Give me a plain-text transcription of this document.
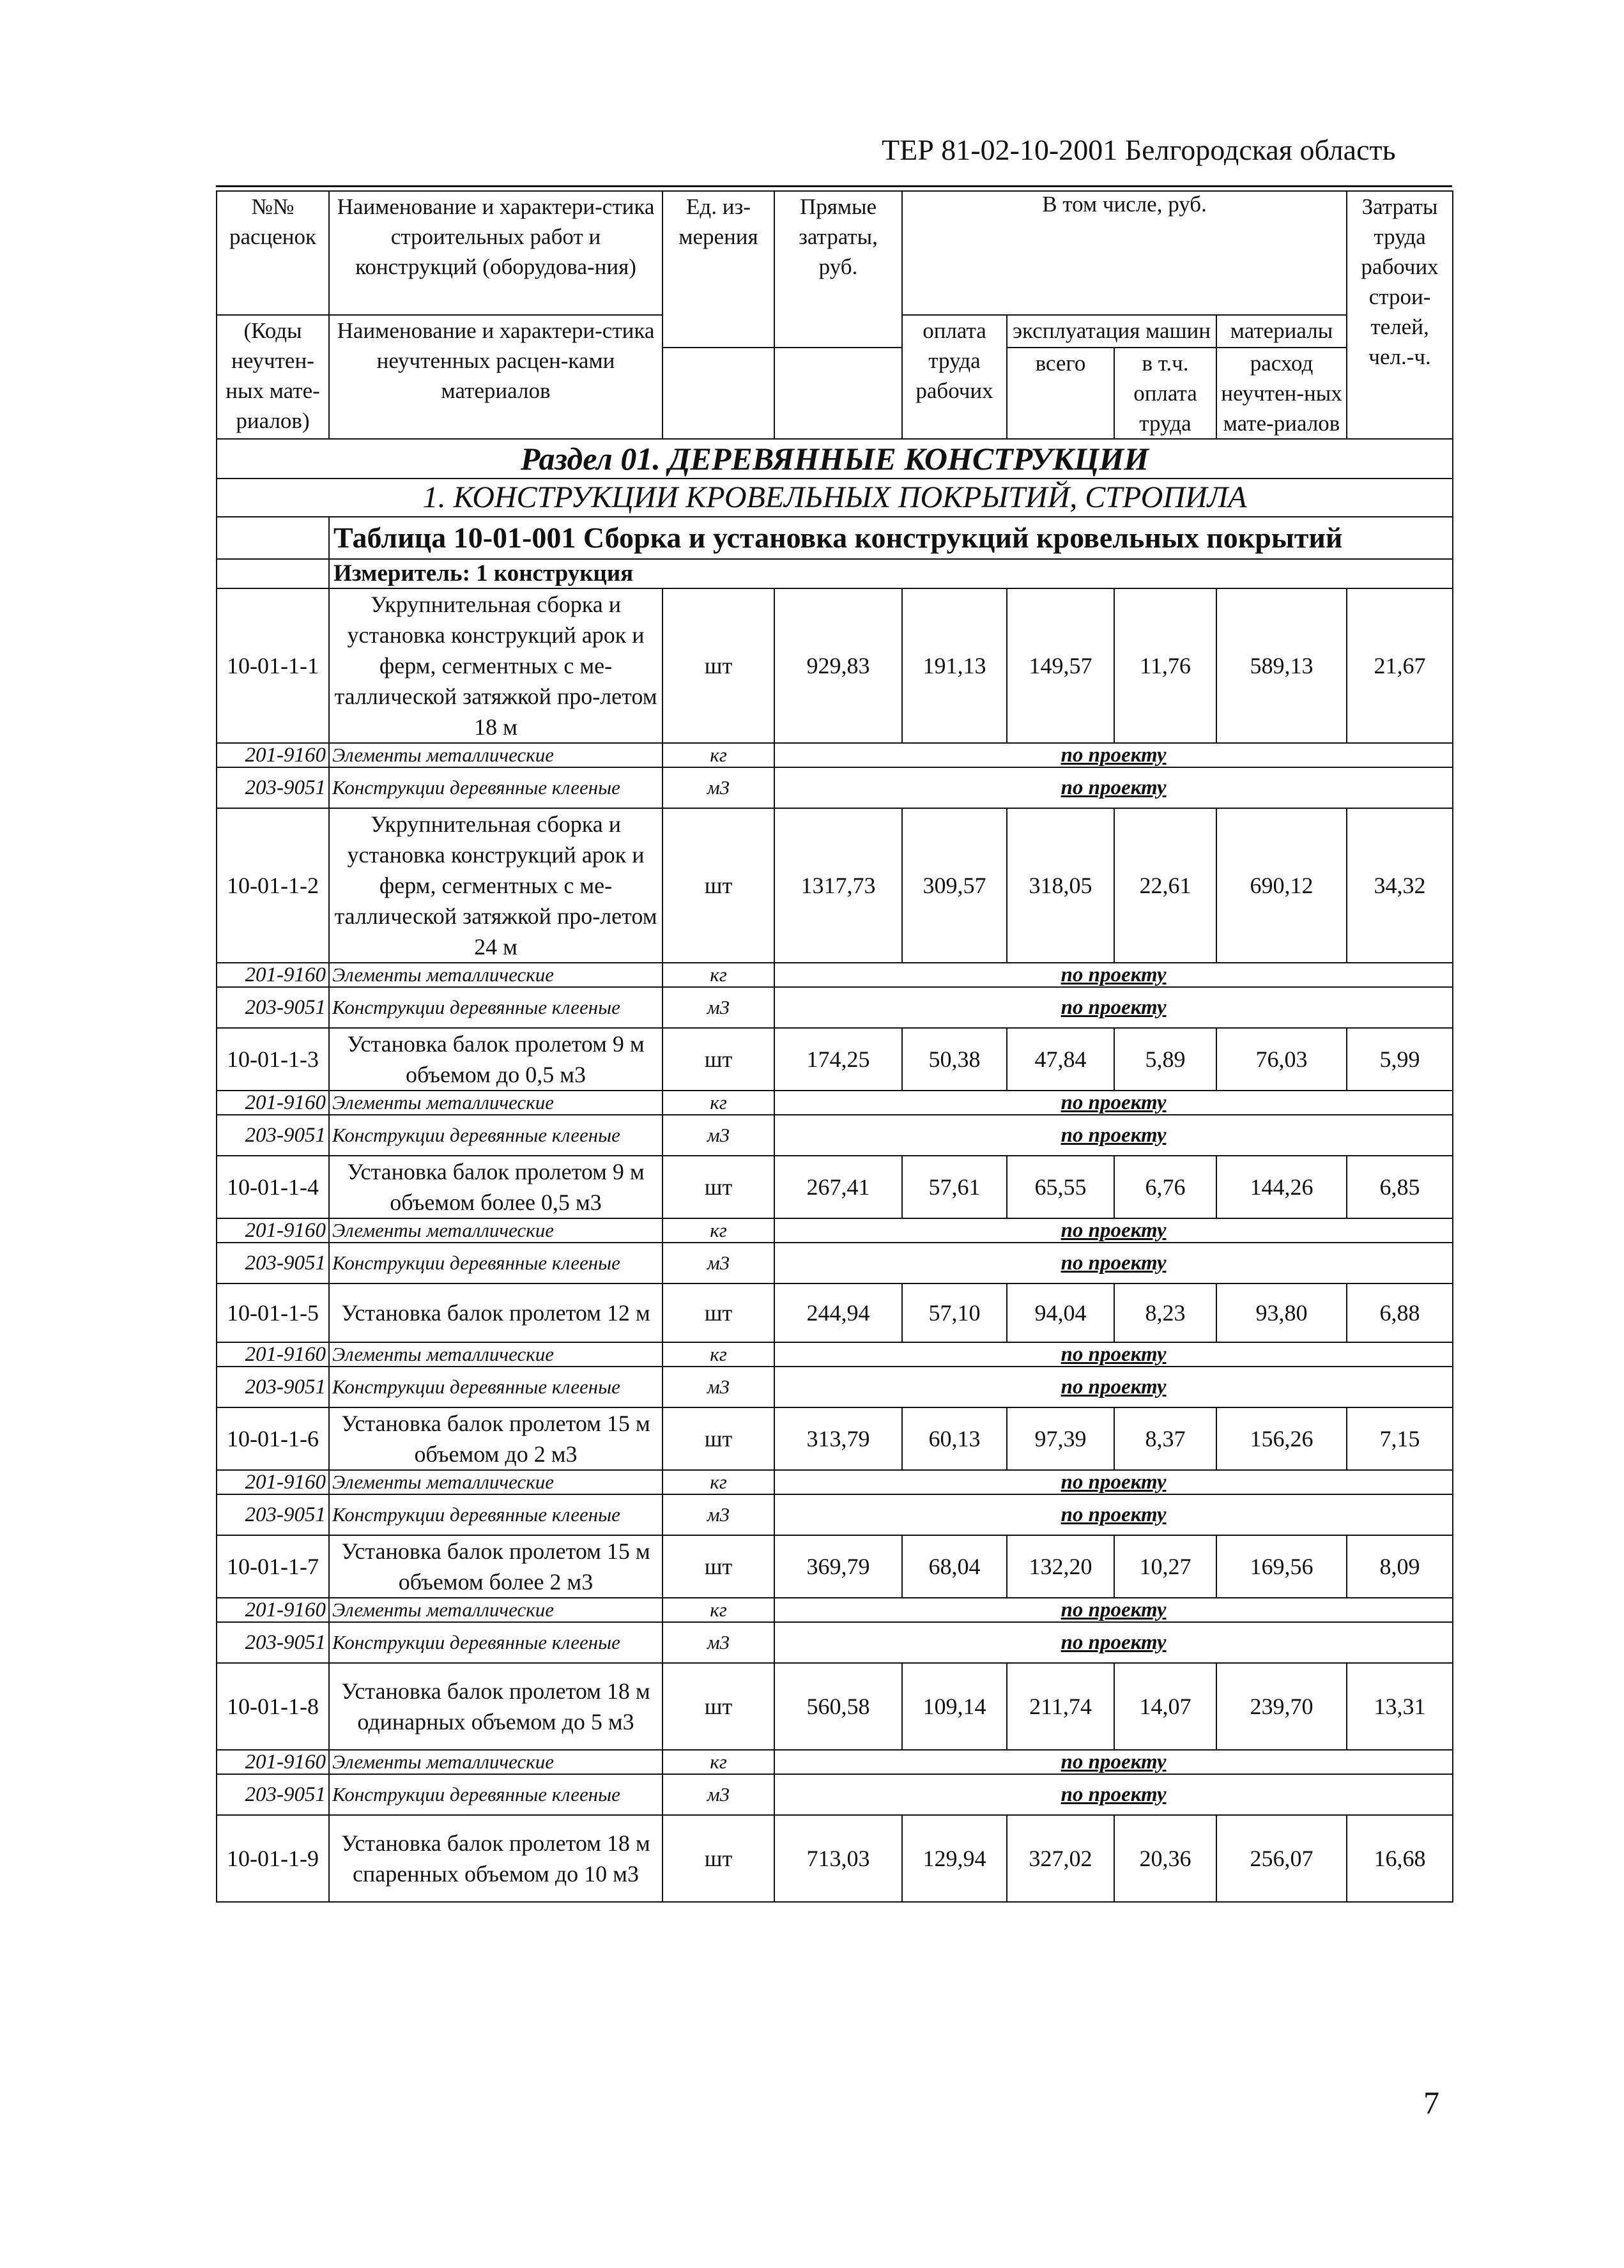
ТЕР 81-02-10-2001 Белгородская область
№№ расценок	Наименование и характери-стика строительных работ и конструкций (оборудова-ния)	Ед. из-мерения	Прямые затраты, руб.	В том числе, руб.				Затраты труда рабочих строи-телей, чел.-ч.
(Коды неучтен-ных мате-риалов)	Наименование и характери-стика неучтенных расцен-ками материалов			оплата труда рабочих	эксплуатация машин		материалы	
					всего	в т.ч. оплата труда	расход неучтен-ных мате-риалов	
Раздел 01. ДЕРЕВЯННЫЕ КОНСТРУКЦИИ								
1. КОНСТРУКЦИИ КРОВЕЛЬНЫХ ПОКРЫТИЙ, СТРОПИЛА								
	Таблица 10-01-001 Сборка и установка конструкций кровельных покрытий							
	Измеритель: 1 конструкция							
10-01-1-1	Укрупнительная сборка и установка конструкций арок и ферм, сегментных с ме-таллической затяжкой про-летом 18 м	шт	929,83	191,13	149,57	11,76	589,13	21,67
201-9160	Элементы металлические	кг	по проекту					
203-9051	Конструкции деревянные клееные	м3	по проекту					
10-01-1-2	Укрупнительная сборка и установка конструкций арок и ферм, сегментных с ме-таллической затяжкой про-летом 24 м	шт	1317,73	309,57	318,05	22,61	690,12	34,32
201-9160	Элементы металлические	кг	по проекту					
203-9051	Конструкции деревянные клееные	м3	по проекту					
10-01-1-3	Установка балок пролетом 9 м объемом до 0,5 м3	шт	174,25	50,38	47,84	5,89	76,03	5,99
201-9160	Элементы металлические	кг	по проекту					
203-9051	Конструкции деревянные клееные	м3	по проекту					
10-01-1-4	Установка балок пролетом 9 м объемом более 0,5 м3	шт	267,41	57,61	65,55	6,76	144,26	6,85
201-9160	Элементы металлические	кг	по проекту					
203-9051	Конструкции деревянные клееные	м3	по проекту					
10-01-1-5	Установка балок пролетом 12 м	шт	244,94	57,10	94,04	8,23	93,80	6,88
201-9160	Элементы металлические	кг	по проекту					
203-9051	Конструкции деревянные клееные	м3	по проекту					
10-01-1-6	Установка балок пролетом 15 м объемом до 2 м3	шт	313,79	60,13	97,39	8,37	156,26	7,15
201-9160	Элементы металлические	кг	по проекту					
203-9051	Конструкции деревянные клееные	м3	по проекту					
10-01-1-7	Установка балок пролетом 15 м объемом более 2 м3	шт	369,79	68,04	132,20	10,27	169,56	8,09
201-9160	Элементы металлические	кг	по проекту					
203-9051	Конструкции деревянные клееные	м3	по проекту					
10-01-1-8	Установка балок пролетом 18 м одинарных объемом до 5 м3	шт	560,58	109,14	211,74	14,07	239,70	13,31
201-9160	Элементы металлические	кг	по проекту					
203-9051	Конструкции деревянные клееные	м3	по проекту					
10-01-1-9	Установка балок пролетом 18 м спаренных объемом до 10 м3	шт	713,03	129,94	327,02	20,36	256,07	16,68
7
